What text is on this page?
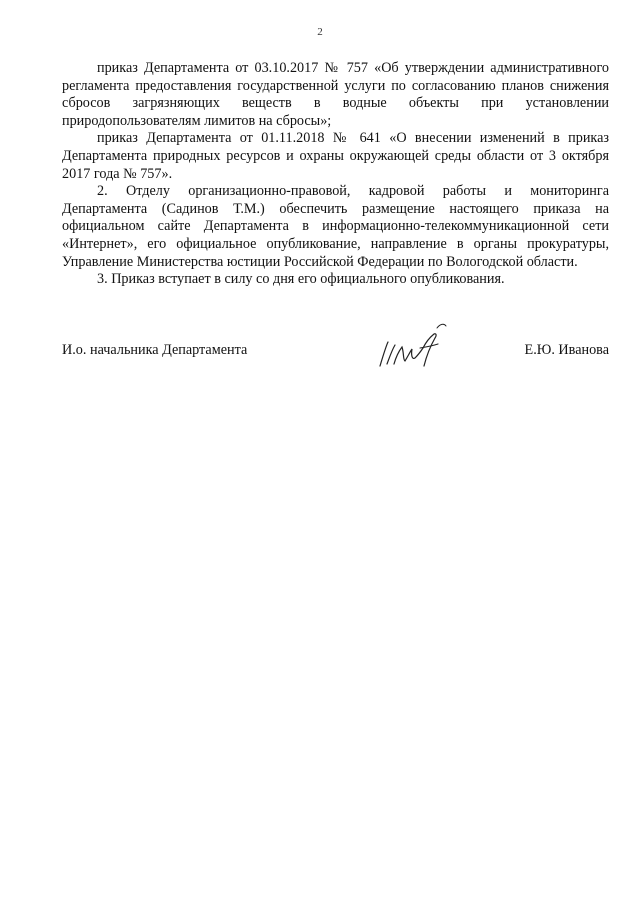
2

приказ Департамента от 03.10.2017 № 757 «Об утверждении административного регламента предоставления государственной услуги по согласованию планов снижения сбросов загрязняющих веществ в водные объекты при установлении природопользователям лимитов на сбросы»;

приказ Департамента от 01.11.2018 № 641 «О внесении изменений в приказ Департамента природных ресурсов и охраны окружающей среды области от 3 октября 2017 года № 757».

2. Отделу организационно-правовой, кадровой работы и мониторинга Департамента (Садинов Т.М.) обеспечить размещение настоящего приказа на официальном сайте Департамента в информационно-телекоммуникационной сети «Интернет», его официальное опубликование, направление в органы прокуратуры, Управление Министерства юстиции Российской Федерации по Вологодской области.

3. Приказ вступает в силу со дня его официального опубликования.

И.о. начальника Департамента	Е.Ю. Иванова
